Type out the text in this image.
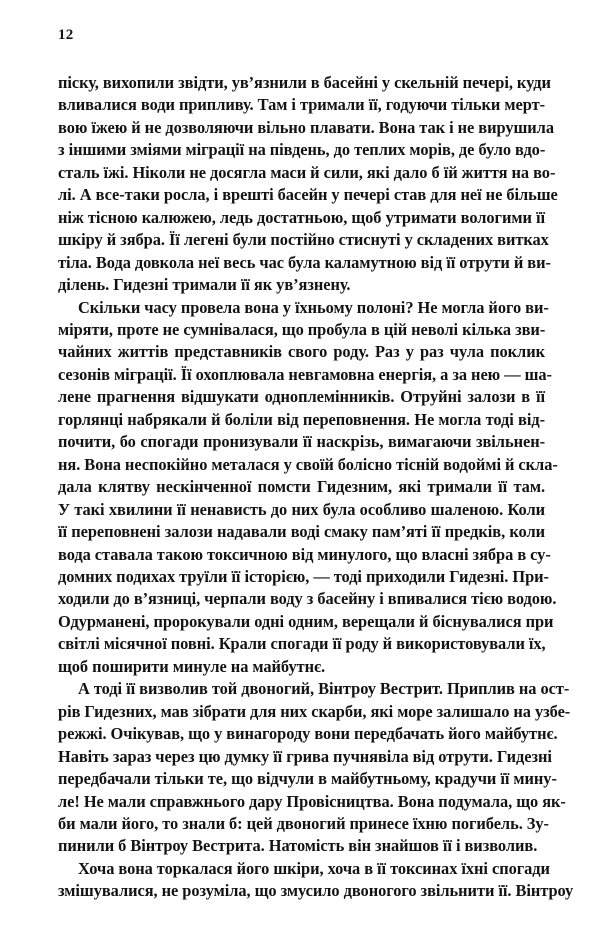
12

піску, вихопили звідти, ув’язнили в басейні у скельній печері, куди
вливалися води припливу. Там і тримали її, годуючи тільки мерт-
вою їжею й не дозволяючи вільно плавати. Вона так і не вирушила
з іншими зміями міграції на південь, до теплих морів, де було вдо-
сталь їжі. Ніколи не досягла маси й сили, які дало б їй життя на во-
лі. А все-таки росла, і врешті басейн у печері став для неї не більше
ніж тісною калюжею, ледь достатньою, щоб утримати вологими її
шкіру й зябра. Її легені були постійно стиснуті у складених витках
тіла. Вода довкола неї весь час була каламутною від її отрути й ви-
ділень. Гидезні тримали її як ув’язнену.

Скільки часу провела вона у їхньому полоні? Не могла його ви-
міряти, проте не сумнівалася, що пробула в цій неволі кілька зви-
чайних життів представників свого роду. Раз у раз чула поклик
сезонів міграції. Її охоплювала невгамовна енергія, а за нею — ша-
лене прагнення відшукати одноплемінників. Отруйні залози в її
горлянці набрякали й боліли від переповнення. Не могла тоді від-
почити, бо спогади пронизували її наскрізь, вимагаючи звільнен-
ня. Вона неспокійно металася у своїй болісно тісній водоймі й скла-
дала клятву нескінченної помсти Гидезним, які тримали її там.
У такі хвилини її ненависть до них була особливо шаленою. Коли
її переповнені залози надавали воді смаку пам’яті її предків, коли
вода ставала такою токсичною від минулого, що власні зябра в су-
домних подихах труїли її історією, — тоді приходили Гидезні. При-
ходили до в’язниці, черпали воду з басейну і впивалися тією водою.
Одурманені, пророкували одні одним, верещали й біснувалися при
світлі місячної повні. Крали спогади її роду й використовували їх,
щоб поширити минуле на майбутнє.

А тоді її визволив той двоногий, Вінтроу Вестрит. Приплив на ост-
рів Гидезних, мав зібрати для них скарби, які море залишало на узбе-
режжі. Очікував, що у винагороду вони передбачать його майбутнє.
Навіть зараз через цю думку її грива пучнявіла від отрути. Гидезні
передбачали тільки те, що відчули в майбутньому, крадучи її мину-
ле! Не мали справжнього дару Провісництва. Вона подумала, що як-
би мали його, то знали б: цей двоногий принесе їхню погибель. Зу-
пинили б Вінтроу Вестрита. Натомість він знайшов її і визволив.

Хоча вона торкалася його шкіри, хоча в її токсинах їхні спогади
змішувалися, не розуміла, що змусило двоногого звільнити її. Вінтроу
